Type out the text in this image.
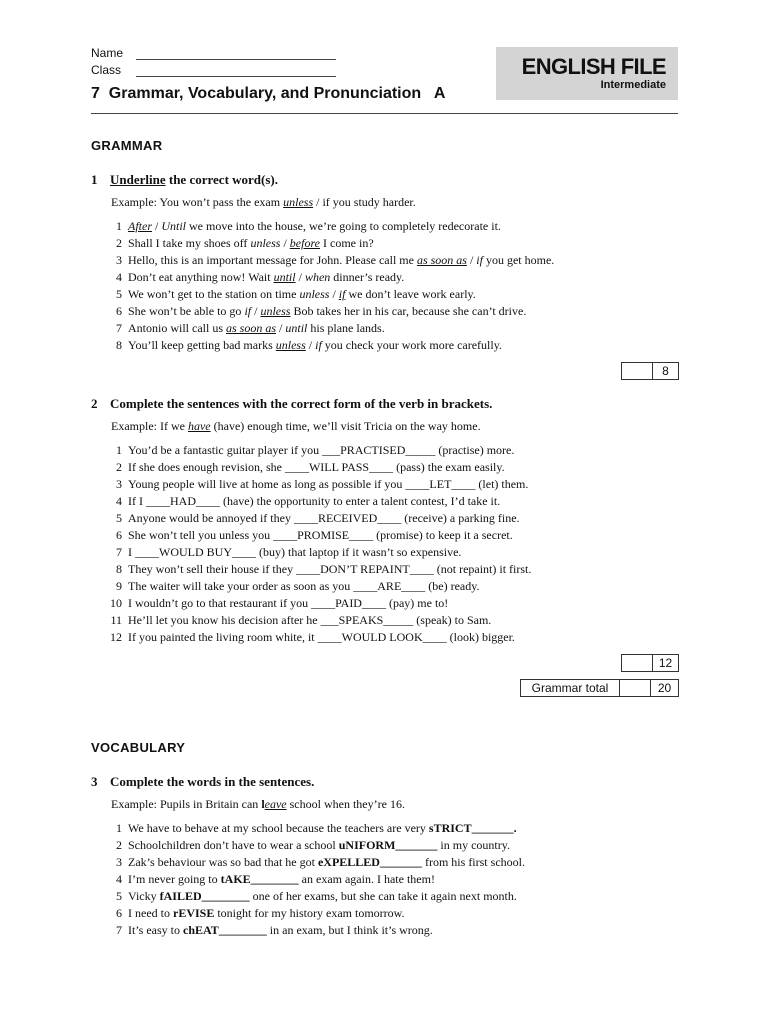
Name
Class
7  Grammar, Vocabulary, and Pronunciation   A
ENGLISH FILE
Intermediate
GRAMMAR
1 Underline the correct word(s).
Example: You won’t pass the exam unless / if you study harder.
1 After / Until we move into the house, we’re going to completely redecorate it.
2 Shall I take my shoes off unless / before I come in?
3 Hello, this is an important message for John. Please call me as soon as / if you get home.
4 Don’t eat anything now! Wait until / when dinner’s ready.
5 We won’t get to the station on time unless / if we don’t leave work early.
6 She won’t be able to go if / unless Bob takes her in his car, because she can’t drive.
7 Antonio will call us as soon as / until his plane lands.
8 You’ll keep getting bad marks unless / if you check your work more carefully.
8
2 Complete the sentences with the correct form of the verb in brackets.
Example: If we have (have) enough time, we’ll visit Tricia on the way home.
1 You’d be a fantastic guitar player if you ___PRACTISED_____ (practise) more.
2 If she does enough revision, she ____WILL PASS____ (pass) the exam easily.
3 Young people will live at home as long as possible if you ____LET____ (let) them.
4 If I ____HAD____ (have) the opportunity to enter a talent contest, I’d take it.
5 Anyone would be annoyed if they ____RECEIVED____ (receive) a parking fine.
6 She won’t tell you unless you ____PROMISE____ (promise) to keep it a secret.
7 I ____WOULD BUY____ (buy) that laptop if it wasn’t so expensive.
8 They won’t sell their house if they ____DON’T REPAINT____ (not repaint) it first.
9 The waiter will take your order as soon as you ____ARE____ (be) ready.
10 I wouldn’t go to that restaurant if you ____PAID____ (pay) me to!
11 He’ll let you know his decision after he ___SPEAKS_____ (speak) to Sam.
12 If you painted the living room white, it ____WOULD LOOK____ (look) bigger.
12
Grammar total	20
VOCABULARY
3 Complete the words in the sentences.
Example: Pupils in Britain can leave school when they’re 16.
1 We have to behave at my school because the teachers are very sTRICT_______.
2 Schoolchildren don’t have to wear a school uNIFORM_______ in my country.
3 Zak’s behaviour was so bad that he got eXPELLED_______ from his first school.
4 I’m never going to tAKE________ an exam again. I hate them!
5 Vicky fAILED________ one of her exams, but she can take it again next month.
6 I need to rEVISE tonight for my history exam tomorrow.
7 It’s easy to chEAT________ in an exam, but I think it’s wrong.
